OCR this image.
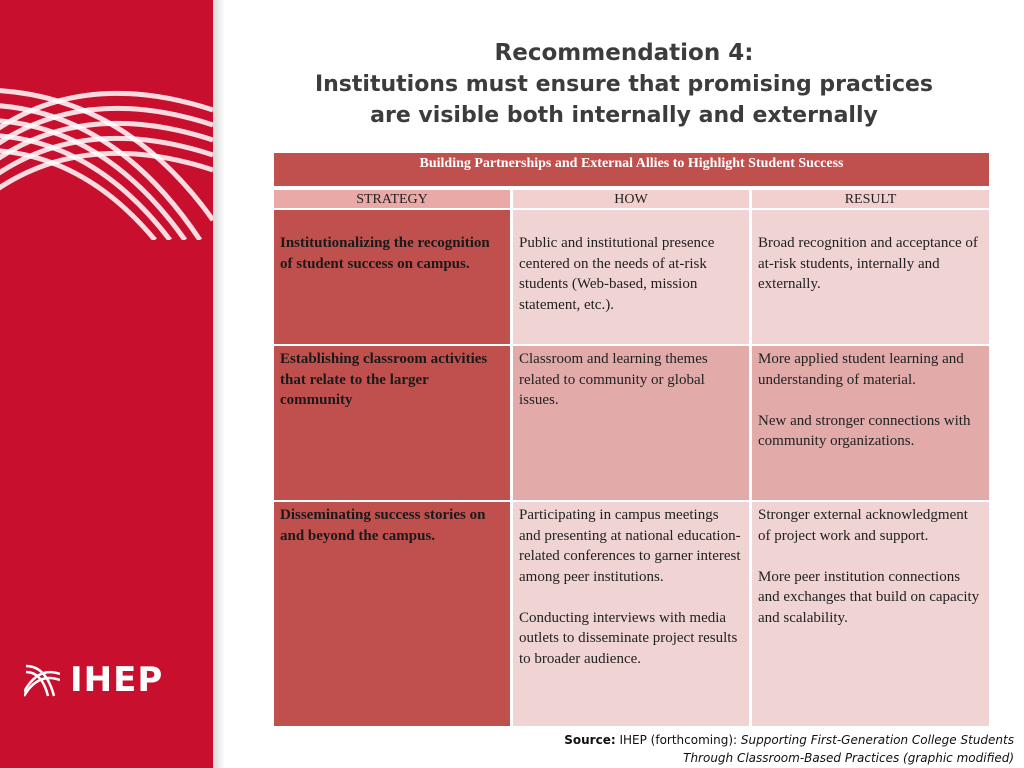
IHEP
Recommendation 4:
Institutions must ensure that promising practices
are visible both internally and externally
Building Partnerships and External Allies to Highlight Student Success
STRATEGY	HOW	RESULT

Institutionalizing the recognition of student success on campus.

Public and institutional presence centered on the needs of at-risk students (Web-based, mission statement, etc.).

Broad recognition and acceptance of at-risk students, internally and externally.

Establishing classroom activities that relate to the larger community

Classroom and learning themes related to community or global issues.

More applied student learning and understanding of material.

New and stronger connections with community organizations.

Disseminating success stories on and beyond the campus.

Participating in campus meetings and presenting at national education-related conferences to garner interest among peer institutions.

Conducting interviews with media outlets to disseminate project results to broader audience.

Stronger external acknowledgment of project work and support.

More peer institution connections and exchanges that build on capacity and scalability.

Source: IHEP (forthcoming): Supporting First-Generation College Students
Through Classroom-Based Practices (graphic modified)
